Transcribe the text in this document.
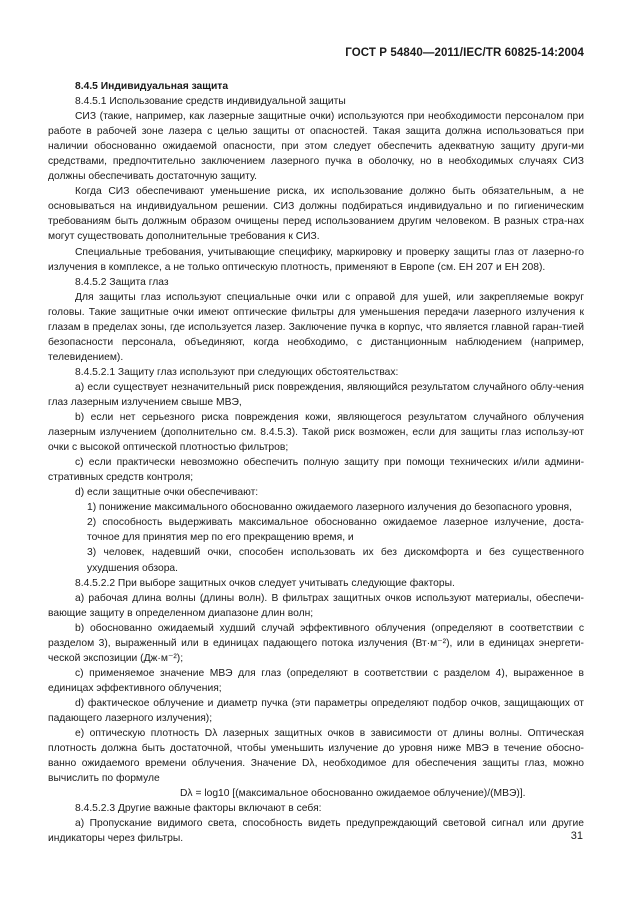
ГОСТ Р 54840—2011/IEC/TR 60825-14:2004

8.4.5 Индивидуальная защита

8.4.5.1 Использование средств индивидуальной защиты

СИЗ (такие, например, как лазерные защитные очки) используются при необходимости персоналом при работе в рабочей зоне лазера с целью защиты от опасностей. Такая защита должна использоваться при наличии обоснованно ожидаемой опасности, при этом следует обеспечить адекватную защиту други-ми средствами, предпочтительно заключением лазерного пучка в оболочку, но в необходимых случаях СИЗ должны обеспечивать достаточную защиту.

Когда СИЗ обеспечивают уменьшение риска, их использование должно быть обязательным, а не основываться на индивидуальном решении. СИЗ должны подбираться индивидуально и по гигиеническим требованиям быть должным образом очищены перед использованием другим человеком. В разных стра-нах могут существовать дополнительные требования к СИЗ.

Специальные требования, учитывающие специфику, маркировку и проверку защиты глаз от лазерно-го излучения в комплексе, а не только оптическую плотность, применяют в Европе (см. ЕН 207 и ЕН 208).

8.4.5.2 Защита глаз

Для защиты глаз используют специальные очки или с оправой для ушей, или закрепляемые вокруг головы. Такие защитные очки имеют оптические фильтры для уменьшения передачи лазерного излучения к глазам в пределах зоны, где используется лазер. Заключение пучка в корпус, что является главной гаран-тией безопасности персонала, объединяют, когда необходимо, с дистанционным наблюдением (например, телевидением).

8.4.5.2.1 Защиту глаз используют при следующих обстоятельствах:

a) если существует незначительный риск повреждения, являющийся результатом случайного облу-чения глаз лазерным излучением свыше МВЭ,

b) если нет серьезного риска повреждения кожи, являющегося результатом случайного облучения лазерным излучением (дополнительно см. 8.4.5.3). Такой риск возможен, если для защиты глаз использу-ют очки с высокой оптической плотностью фильтров;

c) если практически невозможно обеспечить полную защиту при помощи технических и/или админи-стративных средств контроля;

d) если защитные очки обеспечивают:

1) понижение максимального обоснованно ожидаемого лазерного излучения до безопасного уровня,

2) способность выдерживать максимальное обоснованно ожидаемое лазерное излучение, доста-точное для принятия мер по его прекращению время, и

3) человек, надевший очки, способен использовать их без дискомфорта и без существенного ухудшения обзора.

8.4.5.2.2 При выборе защитных очков следует учитывать следующие факторы.

a) рабочая длина волны (длины волн). В фильтрах защитных очков используют материалы, обеспечи-вающие защиту в определенном диапазоне длин волн;

b) обоснованно ожидаемый худший случай эффективного облучения (определяют в соответствии с разделом 3), выраженный или в единицах падающего потока излучения (Вт·м⁻²), или в единицах энергети-ческой экспозиции (Дж·м⁻²);

c) применяемое значение МВЭ для глаз (определяют в соответствии с разделом 4), выраженное в единицах эффективного облучения;

d) фактическое облучение и диаметр пучка (эти параметры определяют подбор очков, защищающих от падающего лазерного излучения);

e) оптическую плотность Dλ лазерных защитных очков в зависимости от длины волны. Оптическая плотность должна быть достаточной, чтобы уменьшить излучение до уровня ниже МВЭ в течение обосно-ванно ожидаемого времени облучения. Значение Dλ, необходимое для обеспечения защиты глаз, можно вычислить по формуле

Dλ = log10 [(максимальное обоснованно ожидаемое облучение)/(МВЭ)].

8.4.5.2.3 Другие важные факторы включают в себя:

a) Пропускание видимого света, способность видеть предупреждающий световой сигнал или другие индикаторы через фильтры.	31
